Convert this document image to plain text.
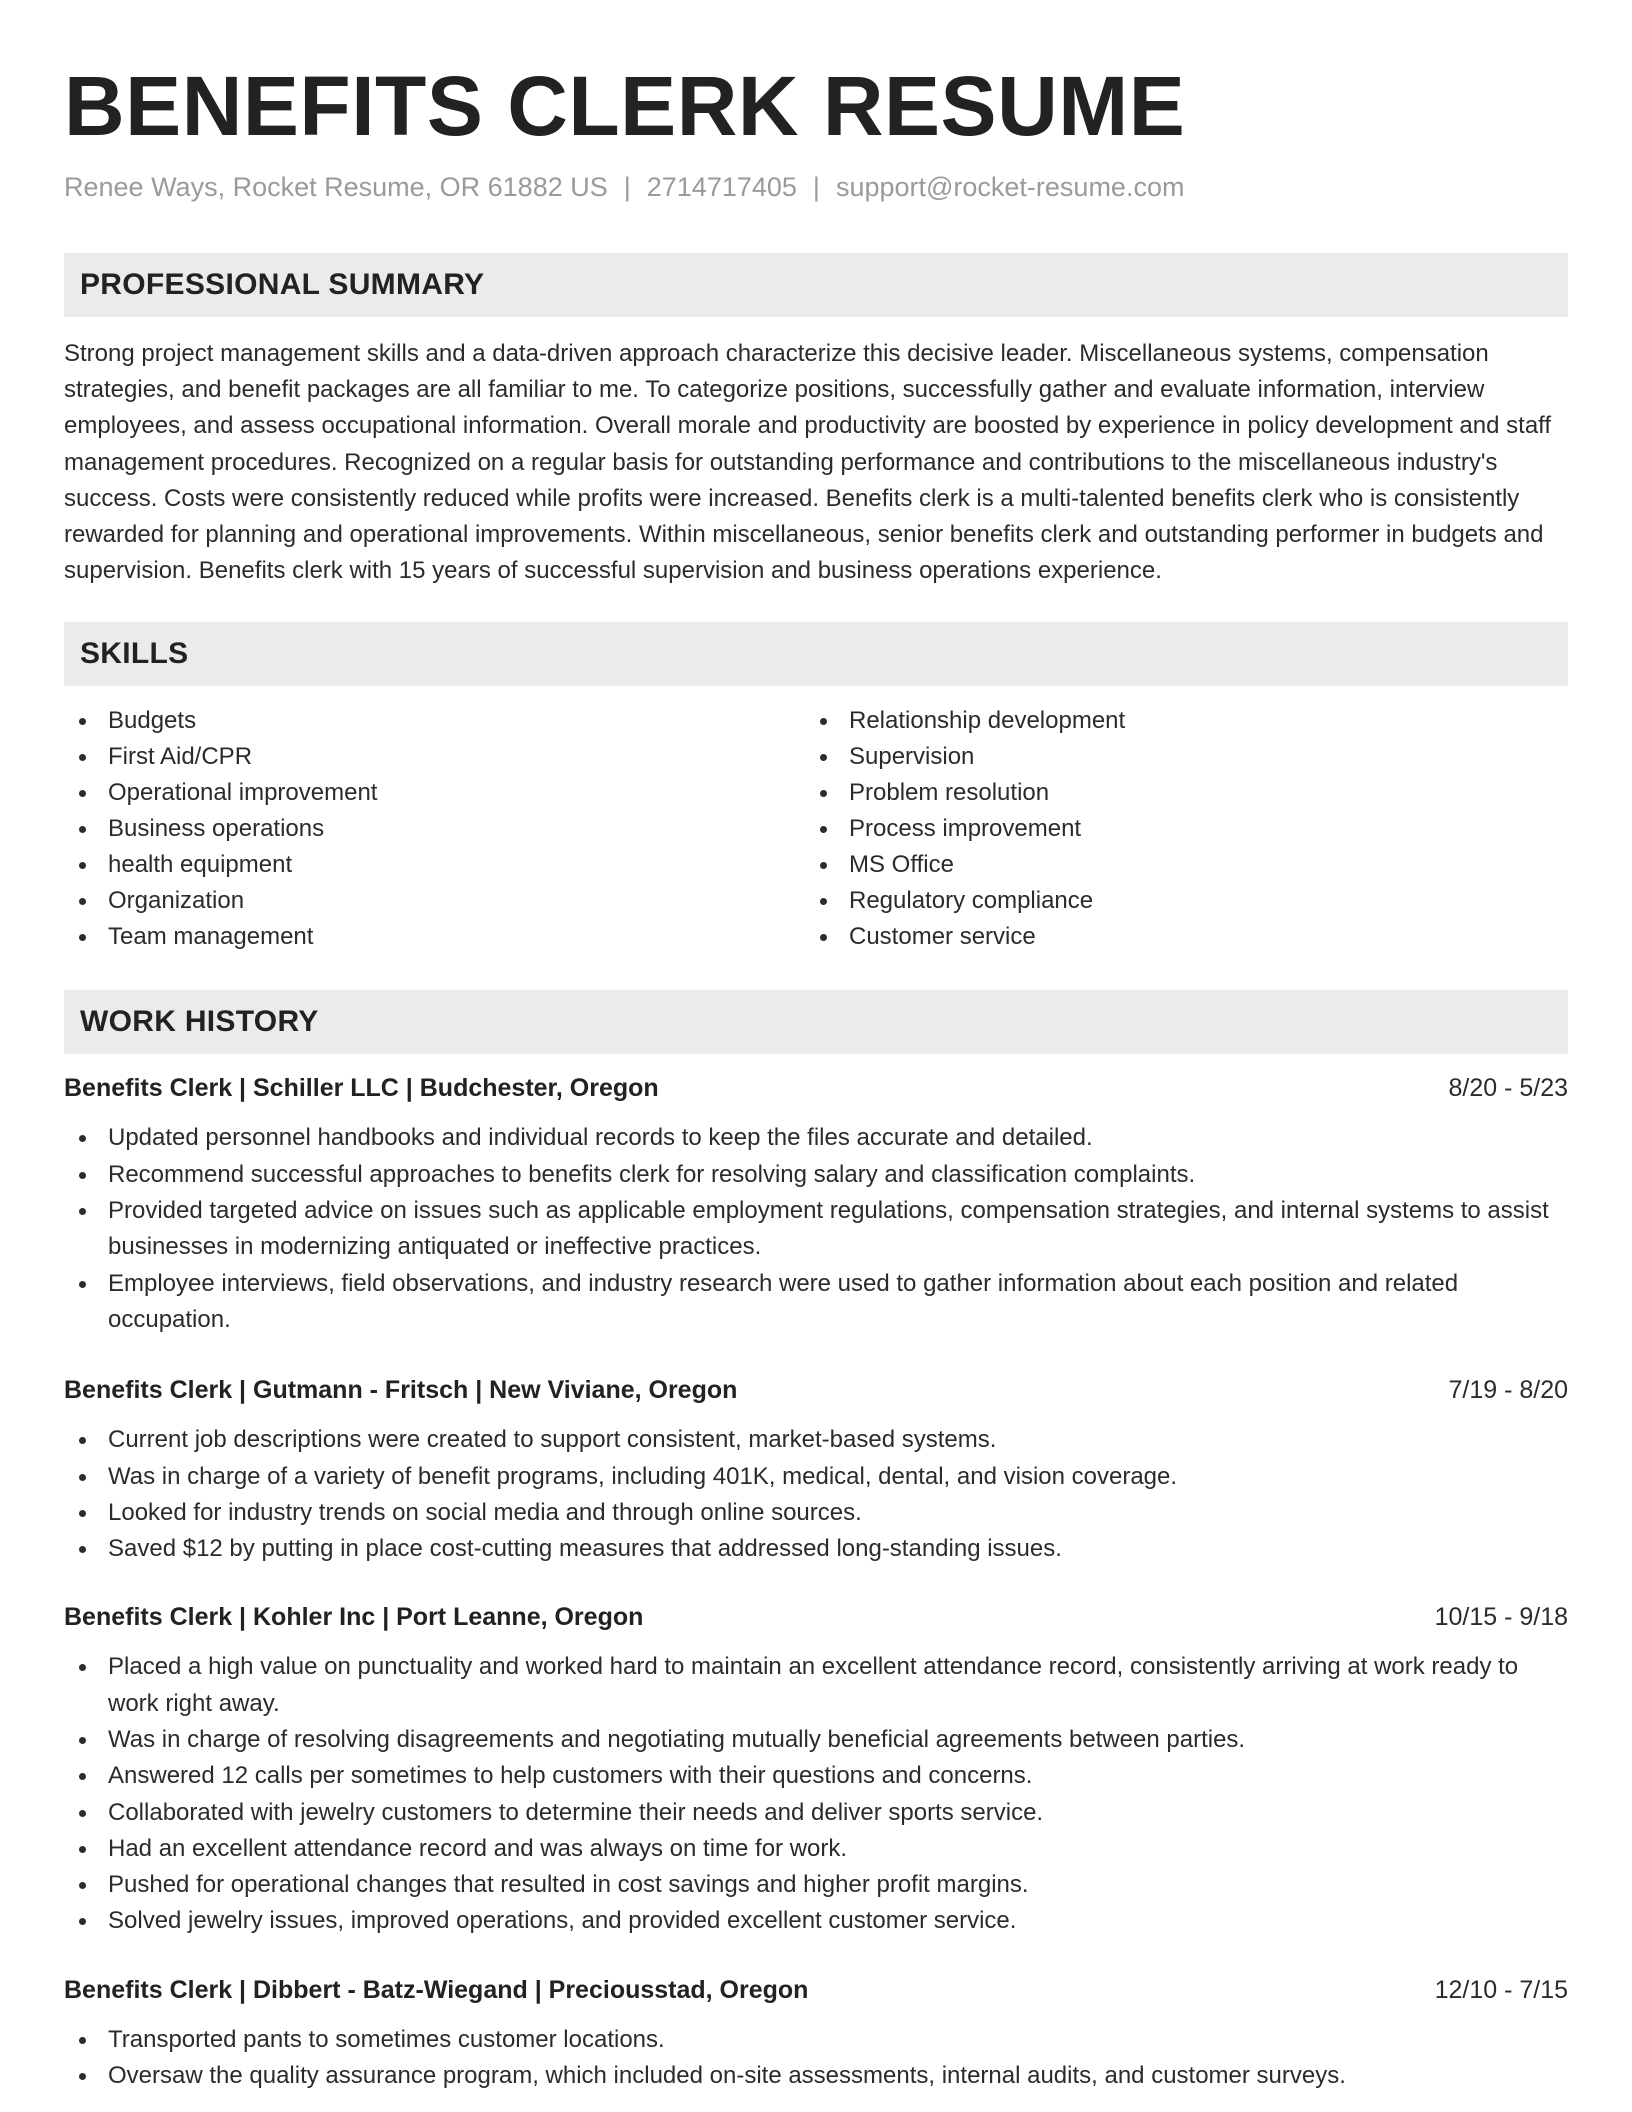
BENEFITS CLERK RESUME
Renee Ways, Rocket Resume, OR 61882 US | 2714717405 | support@rocket-resume.com
PROFESSIONAL SUMMARY

Strong project management skills and a data-driven approach characterize this decisive leader. Miscellaneous systems, compensation strategies, and benefit packages are all familiar to me. To categorize positions, successfully gather and evaluate information, interview employees, and assess occupational information. Overall morale and productivity are boosted by experience in policy development and staff management procedures. Recognized on a regular basis for outstanding performance and contributions to the miscellaneous industry's success. Costs were consistently reduced while profits were increased. Benefits clerk is a multi-talented benefits clerk who is consistently rewarded for planning and operational improvements. Within miscellaneous, senior benefits clerk and outstanding performer in budgets and supervision. Benefits clerk with 15 years of successful supervision and business operations experience.

SKILLS
Budgets
First Aid/CPR
Operational improvement
Business operations
health equipment
Organization
Team management
Relationship development
Supervision
Problem resolution
Process improvement
MS Office
Regulatory compliance
Customer service
WORK HISTORY
Benefits Clerk | Schiller LLC | Budchester, Oregon	8/20 - 5/23
Updated personnel handbooks and individual records to keep the files accurate and detailed.
Recommend successful approaches to benefits clerk for resolving salary and classification complaints.
Provided targeted advice on issues such as applicable employment regulations, compensation strategies, and internal systems to assist businesses in modernizing antiquated or ineffective practices.
Employee interviews, field observations, and industry research were used to gather information about each position and related occupation.
Benefits Clerk | Gutmann - Fritsch | New Viviane, Oregon	7/19 - 8/20
Current job descriptions were created to support consistent, market-based systems.
Was in charge of a variety of benefit programs, including 401K, medical, dental, and vision coverage.
Looked for industry trends on social media and through online sources.
Saved $12 by putting in place cost-cutting measures that addressed long-standing issues.
Benefits Clerk | Kohler Inc | Port Leanne, Oregon	10/15 - 9/18
Placed a high value on punctuality and worked hard to maintain an excellent attendance record, consistently arriving at work ready to work right away.
Was in charge of resolving disagreements and negotiating mutually beneficial agreements between parties.
Answered 12 calls per sometimes to help customers with their questions and concerns.
Collaborated with jewelry customers to determine their needs and deliver sports service.
Had an excellent attendance record and was always on time for work.
Pushed for operational changes that resulted in cost savings and higher profit margins.
Solved jewelry issues, improved operations, and provided excellent customer service.
Benefits Clerk | Dibbert - Batz-Wiegand | Preciousstad, Oregon	12/10 - 7/15
Transported pants to sometimes customer locations.
Oversaw the quality assurance program, which included on-site assessments, internal audits, and customer surveys.
